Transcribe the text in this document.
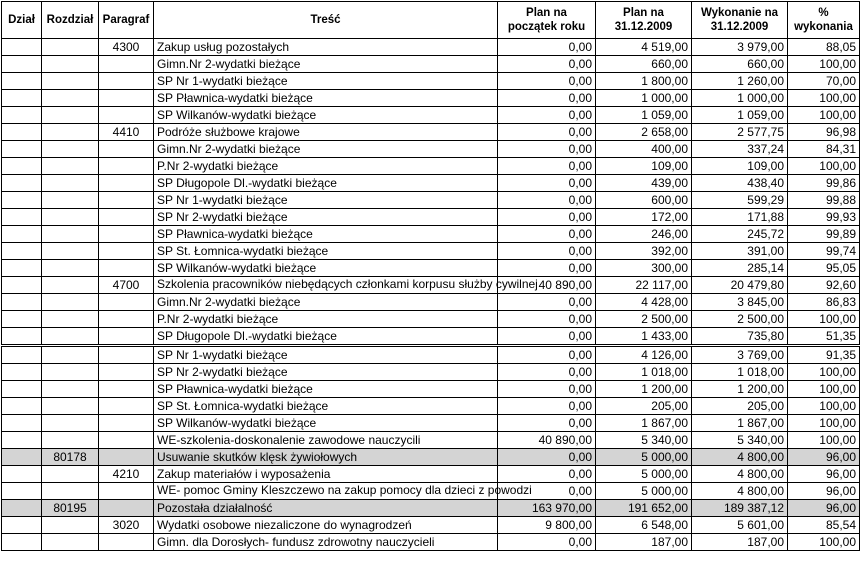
Dział	Rozdział	Paragraf	Treść	Plan na początek roku	Plan na 31.12.2009	Wykonanie na 31.12.2009	% wykonania
		4300	Zakup usług pozostałych	0,00	4 519,00	3 979,00	88,05
			Gimn.Nr 2-wydatki bieżące	0,00	660,00	660,00	100,00
			SP Nr 1-wydatki bieżące	0,00	1 800,00	1 260,00	70,00
			SP Pławnica-wydatki bieżące	0,00	1 000,00	1 000,00	100,00
			SP Wilkanów-wydatki bieżące	0,00	1 059,00	1 059,00	100,00
		4410	Podróże służbowe krajowe	0,00	2 658,00	2 577,75	96,98
			Gimn.Nr 2-wydatki bieżące	0,00	400,00	337,24	84,31
			P.Nr 2-wydatki bieżące	0,00	109,00	109,00	100,00
			SP Długopole Dl.-wydatki bieżące	0,00	439,00	438,40	99,86
			SP Nr 1-wydatki bieżące	0,00	600,00	599,29	99,88
			SP Nr 2-wydatki bieżące	0,00	172,00	171,88	99,93
			SP Pławnica-wydatki bieżące	0,00	246,00	245,72	99,89
			SP St. Łomnica-wydatki bieżące	0,00	392,00	391,00	99,74
			SP Wilkanów-wydatki bieżące	0,00	300,00	285,14	95,05
		4700	Szkolenia pracowników niebędących członkami korpusu służby cywilnej	40 890,00	22 117,00	20 479,80	92,60
			Gimn.Nr 2-wydatki bieżące	0,00	4 428,00	3 845,00	86,83
			P.Nr 2-wydatki bieżące	0,00	2 500,00	2 500,00	100,00
			SP Długopole Dl.-wydatki bieżące	0,00	1 433,00	735,80	51,35
			SP Nr 1-wydatki bieżące	0,00	4 126,00	3 769,00	91,35
			SP Nr 2-wydatki bieżące	0,00	1 018,00	1 018,00	100,00
			SP Pławnica-wydatki bieżące	0,00	1 200,00	1 200,00	100,00
			SP St. Łomnica-wydatki bieżące	0,00	205,00	205,00	100,00
			SP Wilkanów-wydatki bieżące	0,00	1 867,00	1 867,00	100,00
			WE-szkolenia-doskonalenie zawodowe nauczycili	40 890,00	5 340,00	5 340,00	100,00
	80178		Usuwanie skutków klęsk żywiołowych	0,00	5 000,00	4 800,00	96,00
		4210	Zakup materiałów i wyposażenia	0,00	5 000,00	4 800,00	96,00
			WE- pomoc Gminy Kleszczewo na zakup pomocy dla dzieci z powodzi	0,00	5 000,00	4 800,00	96,00
	80195		Pozostała działalność	163 970,00	191 652,00	189 387,12	96,00
		3020	Wydatki osobowe niezaliczone do wynagrodzeń	9 800,00	6 548,00	5 601,00	85,54
			Gimn. dla Dorosłych- fundusz zdrowotny nauczycieli	0,00	187,00	187,00	100,00
